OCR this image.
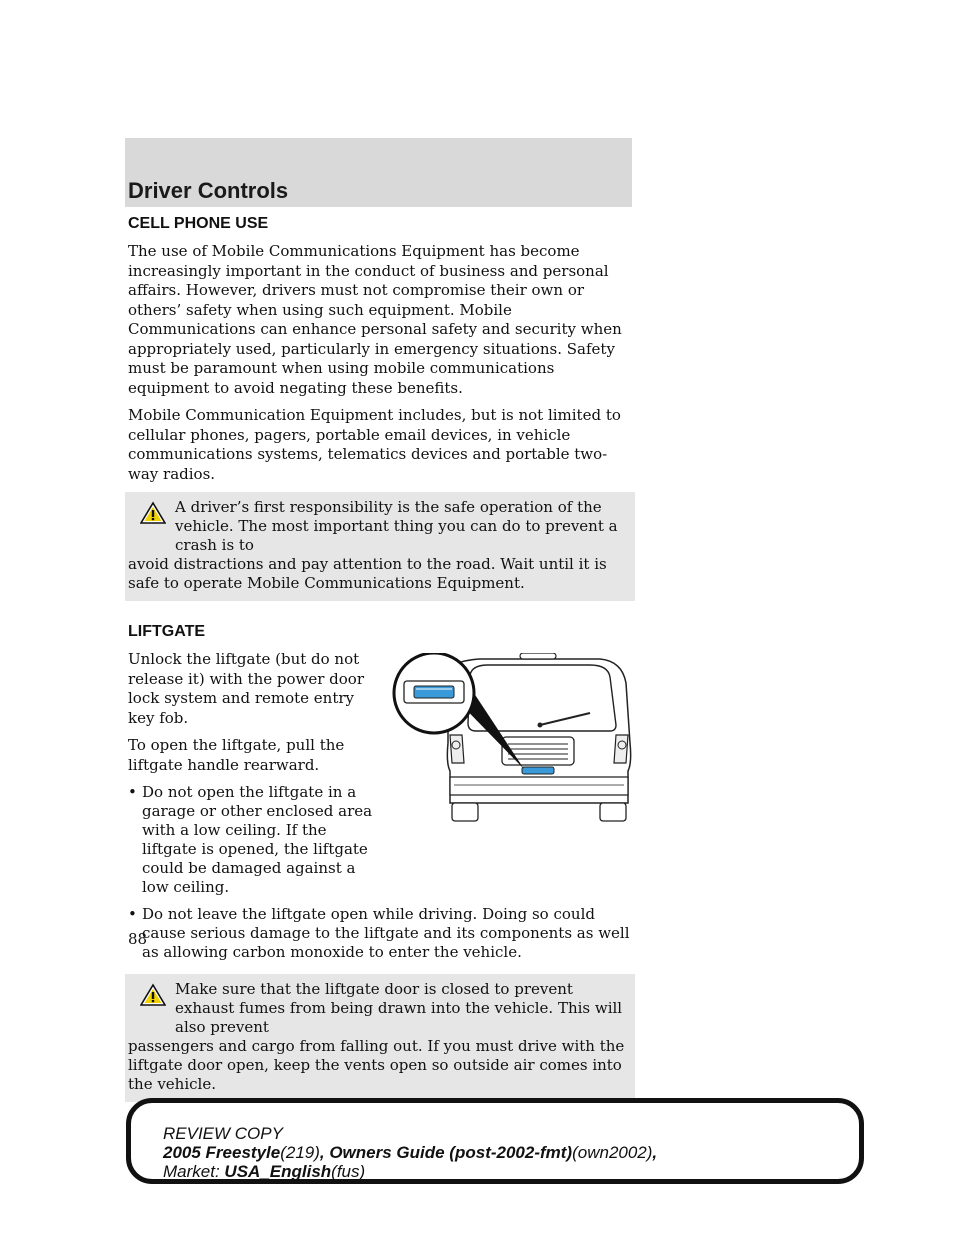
Driver Controls
CELL PHONE USE

The use of Mobile Communications Equipment has become increasingly important in the conduct of business and personal affairs. However, drivers must not compromise their own or others’ safety when using such equipment. Mobile Communications can enhance personal safety and security when appropriately used, particularly in emergency situations. Safety must be paramount when using mobile communications equipment to avoid negating these benefits.

Mobile Communication Equipment includes, but is not limited to cellular phones, pagers, portable email devices, in vehicle communications systems, telematics devices and portable two-way radios.

A driver’s first responsibility is the safe operation of the vehicle. The most important thing you can do to prevent a crash is to
avoid distractions and pay attention to the road. Wait until it is safe to operate Mobile Communications Equipment.
LIFTGATE

Unlock the liftgate (but do not release it) with the power door lock system and remote entry key fob.

To open the liftgate, pull the liftgate handle rearward.

• Do not open the liftgate in a garage or other enclosed area with a low ceiling. If the liftgate is opened, the liftgate could be damaged against a low ceiling.
• Do not leave the liftgate open while driving. Doing so could cause serious damage to the liftgate and its components as well as allowing carbon monoxide to enter the vehicle.
Make sure that the liftgate door is closed to prevent exhaust fumes from being drawn into the vehicle. This will also prevent
passengers and cargo from falling out. If you must drive with the liftgate door open, keep the vents open so outside air comes into the vehicle.
88
REVIEW COPY
2005 Freestyle(219), Owners Guide (post-2002-fmt)(own2002),
Market: USA_English(fus)
